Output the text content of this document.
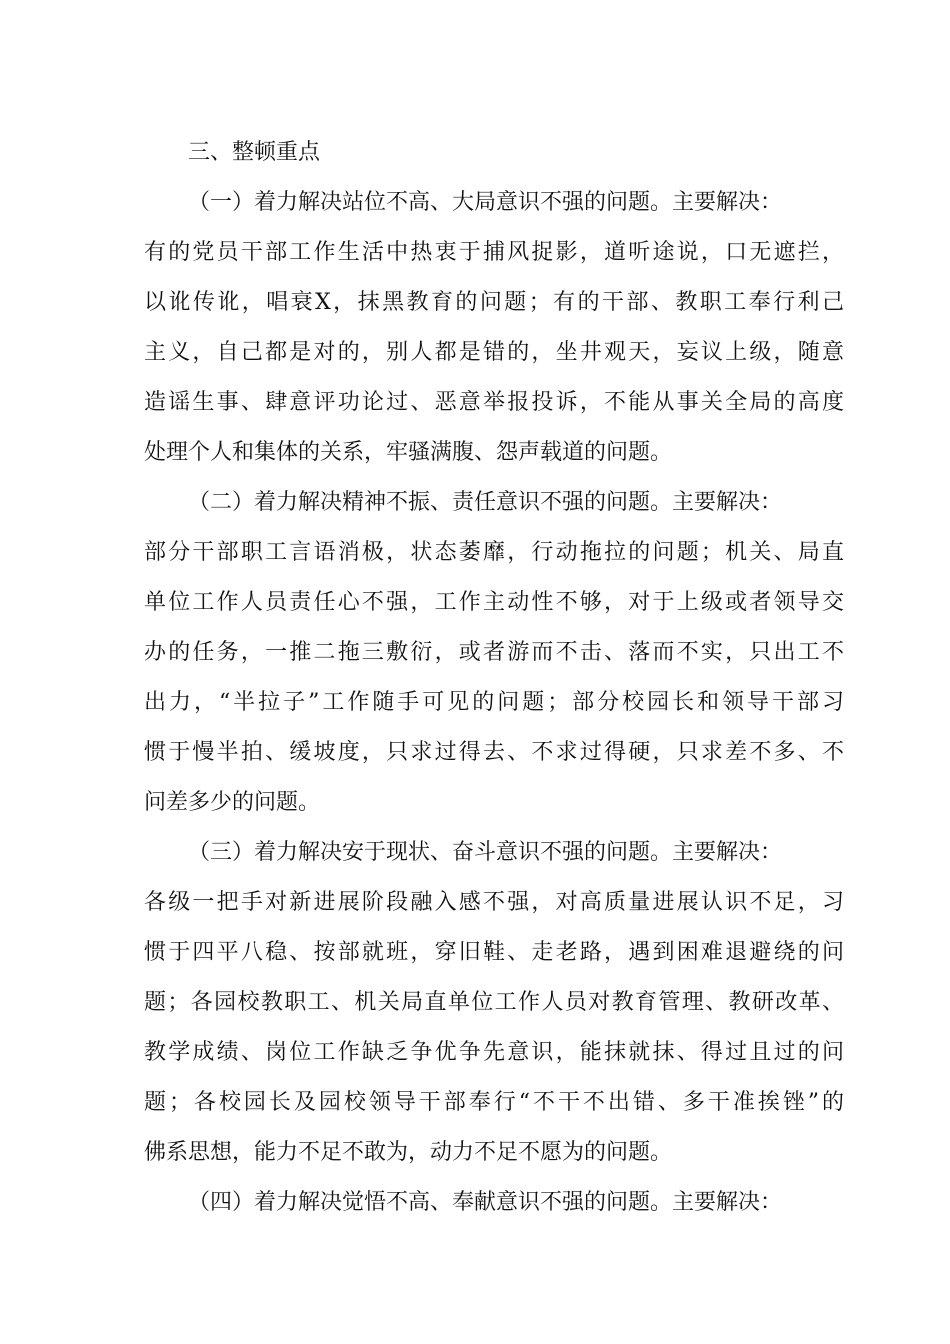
三、整顿重点
（一）着力解决站位不高、大局意识不强的问题。主要解决：
有的党员干部工作生活中热衷于捕风捉影，道听途说，口无遮拦，
以讹传讹，唱衰X，抹黑教育的问题；有的干部、教职工奉行利己
主义，自己都是对的，别人都是错的，坐井观天，妄议上级，随意
造谣生事、肆意评功论过、恶意举报投诉，不能从事关全局的高度
处理个人和集体的关系，牢骚满腹、怨声载道的问题。
（二）着力解决精神不振、责任意识不强的问题。主要解决：
部分干部职工言语消极，状态萎靡，行动拖拉的问题；机关、局直
单位工作人员责任心不强，工作主动性不够，对于上级或者领导交
办的任务，一推二拖三敷衍，或者游而不击、落而不实，只出工不
出力，“半拉子”工作随手可见的问题；部分校园长和领导干部习
惯于慢半拍、缓坡度，只求过得去、不求过得硬，只求差不多、不
问差多少的问题。
（三）着力解决安于现状、奋斗意识不强的问题。主要解决：
各级一把手对新进展阶段融入感不强，对高质量进展认识不足，习
惯于四平八稳、按部就班，穿旧鞋、走老路，遇到困难退避绕的问
题；各园校教职工、机关局直单位工作人员对教育管理、教研改革、
教学成绩、岗位工作缺乏争优争先意识，能抹就抹、得过且过的问
题；各校园长及园校领导干部奉行“不干不出错、多干准挨锉”的
佛系思想，能力不足不敢为，动力不足不愿为的问题。
（四）着力解决觉悟不高、奉献意识不强的问题。主要解决：
